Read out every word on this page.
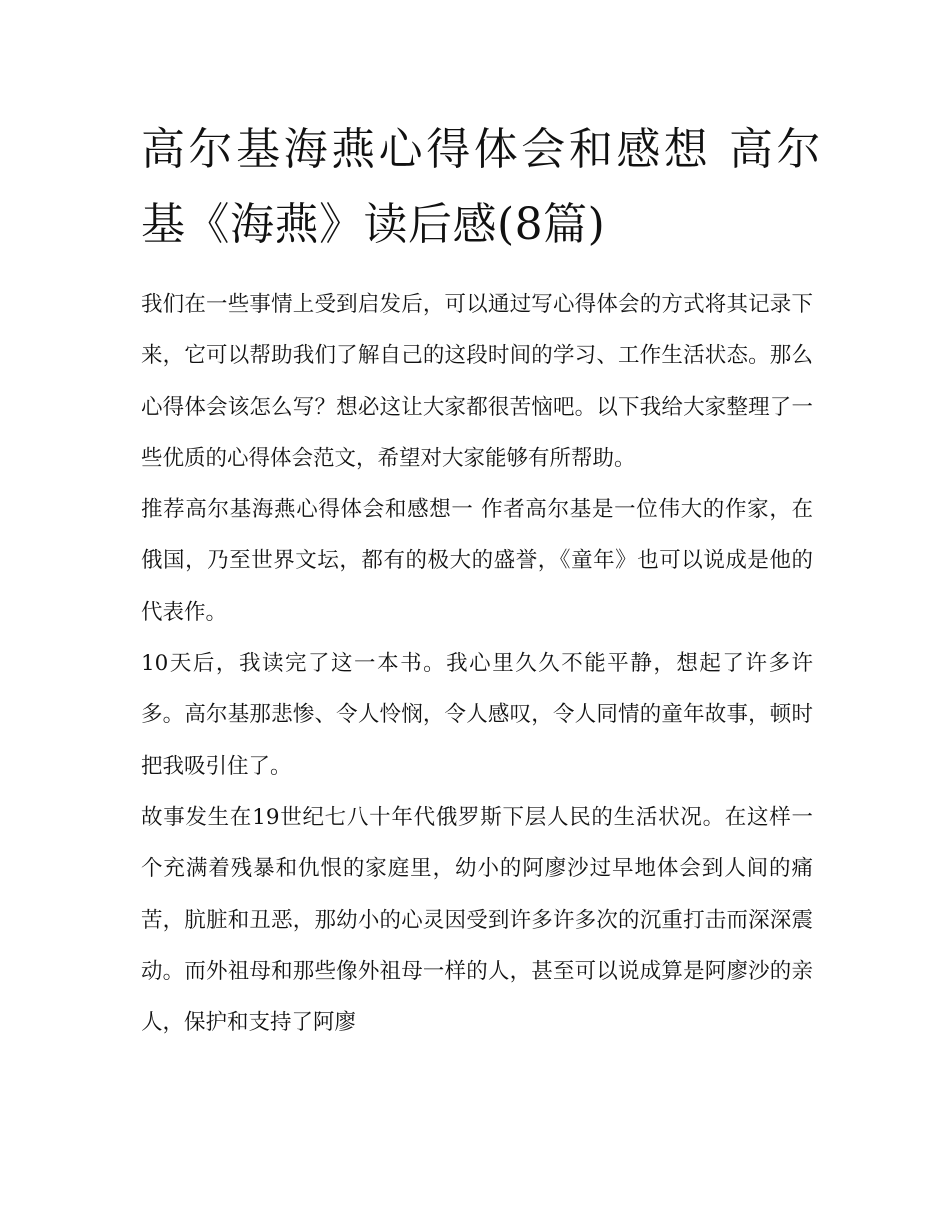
高尔基海燕心得体会和感想 高尔基《海燕》读后感(8篇)

我们在一些事情上受到启发后，可以通过写心得体会的方式将其记录下来，它可以帮助我们了解自己的这段时间的学习、工作生活状态。那么心得体会该怎么写？想必这让大家都很苦恼吧。以下我给大家整理了一些优质的心得体会范文，希望对大家能够有所帮助。

推荐高尔基海燕心得体会和感想一 作者高尔基是一位伟大的作家，在俄国，乃至世界文坛，都有的极大的盛誉，《童年》也可以说成是他的代表作。

10天后，我读完了这一本书。我心里久久不能平静，想起了许多许多。高尔基那悲惨、令人怜悯，令人感叹，令人同情的童年故事，顿时把我吸引住了。

故事发生在19世纪七八十年代俄罗斯下层人民的生活状况。在这样一个充满着残暴和仇恨的家庭里，幼小的阿廖沙过早地体会到人间的痛苦，肮脏和丑恶，那幼小的心灵因受到许多许多次的沉重打击而深深震动。而外祖母和那些像外祖母一样的人，甚至可以说成算是阿廖沙的亲人，保护和支持了阿廖
